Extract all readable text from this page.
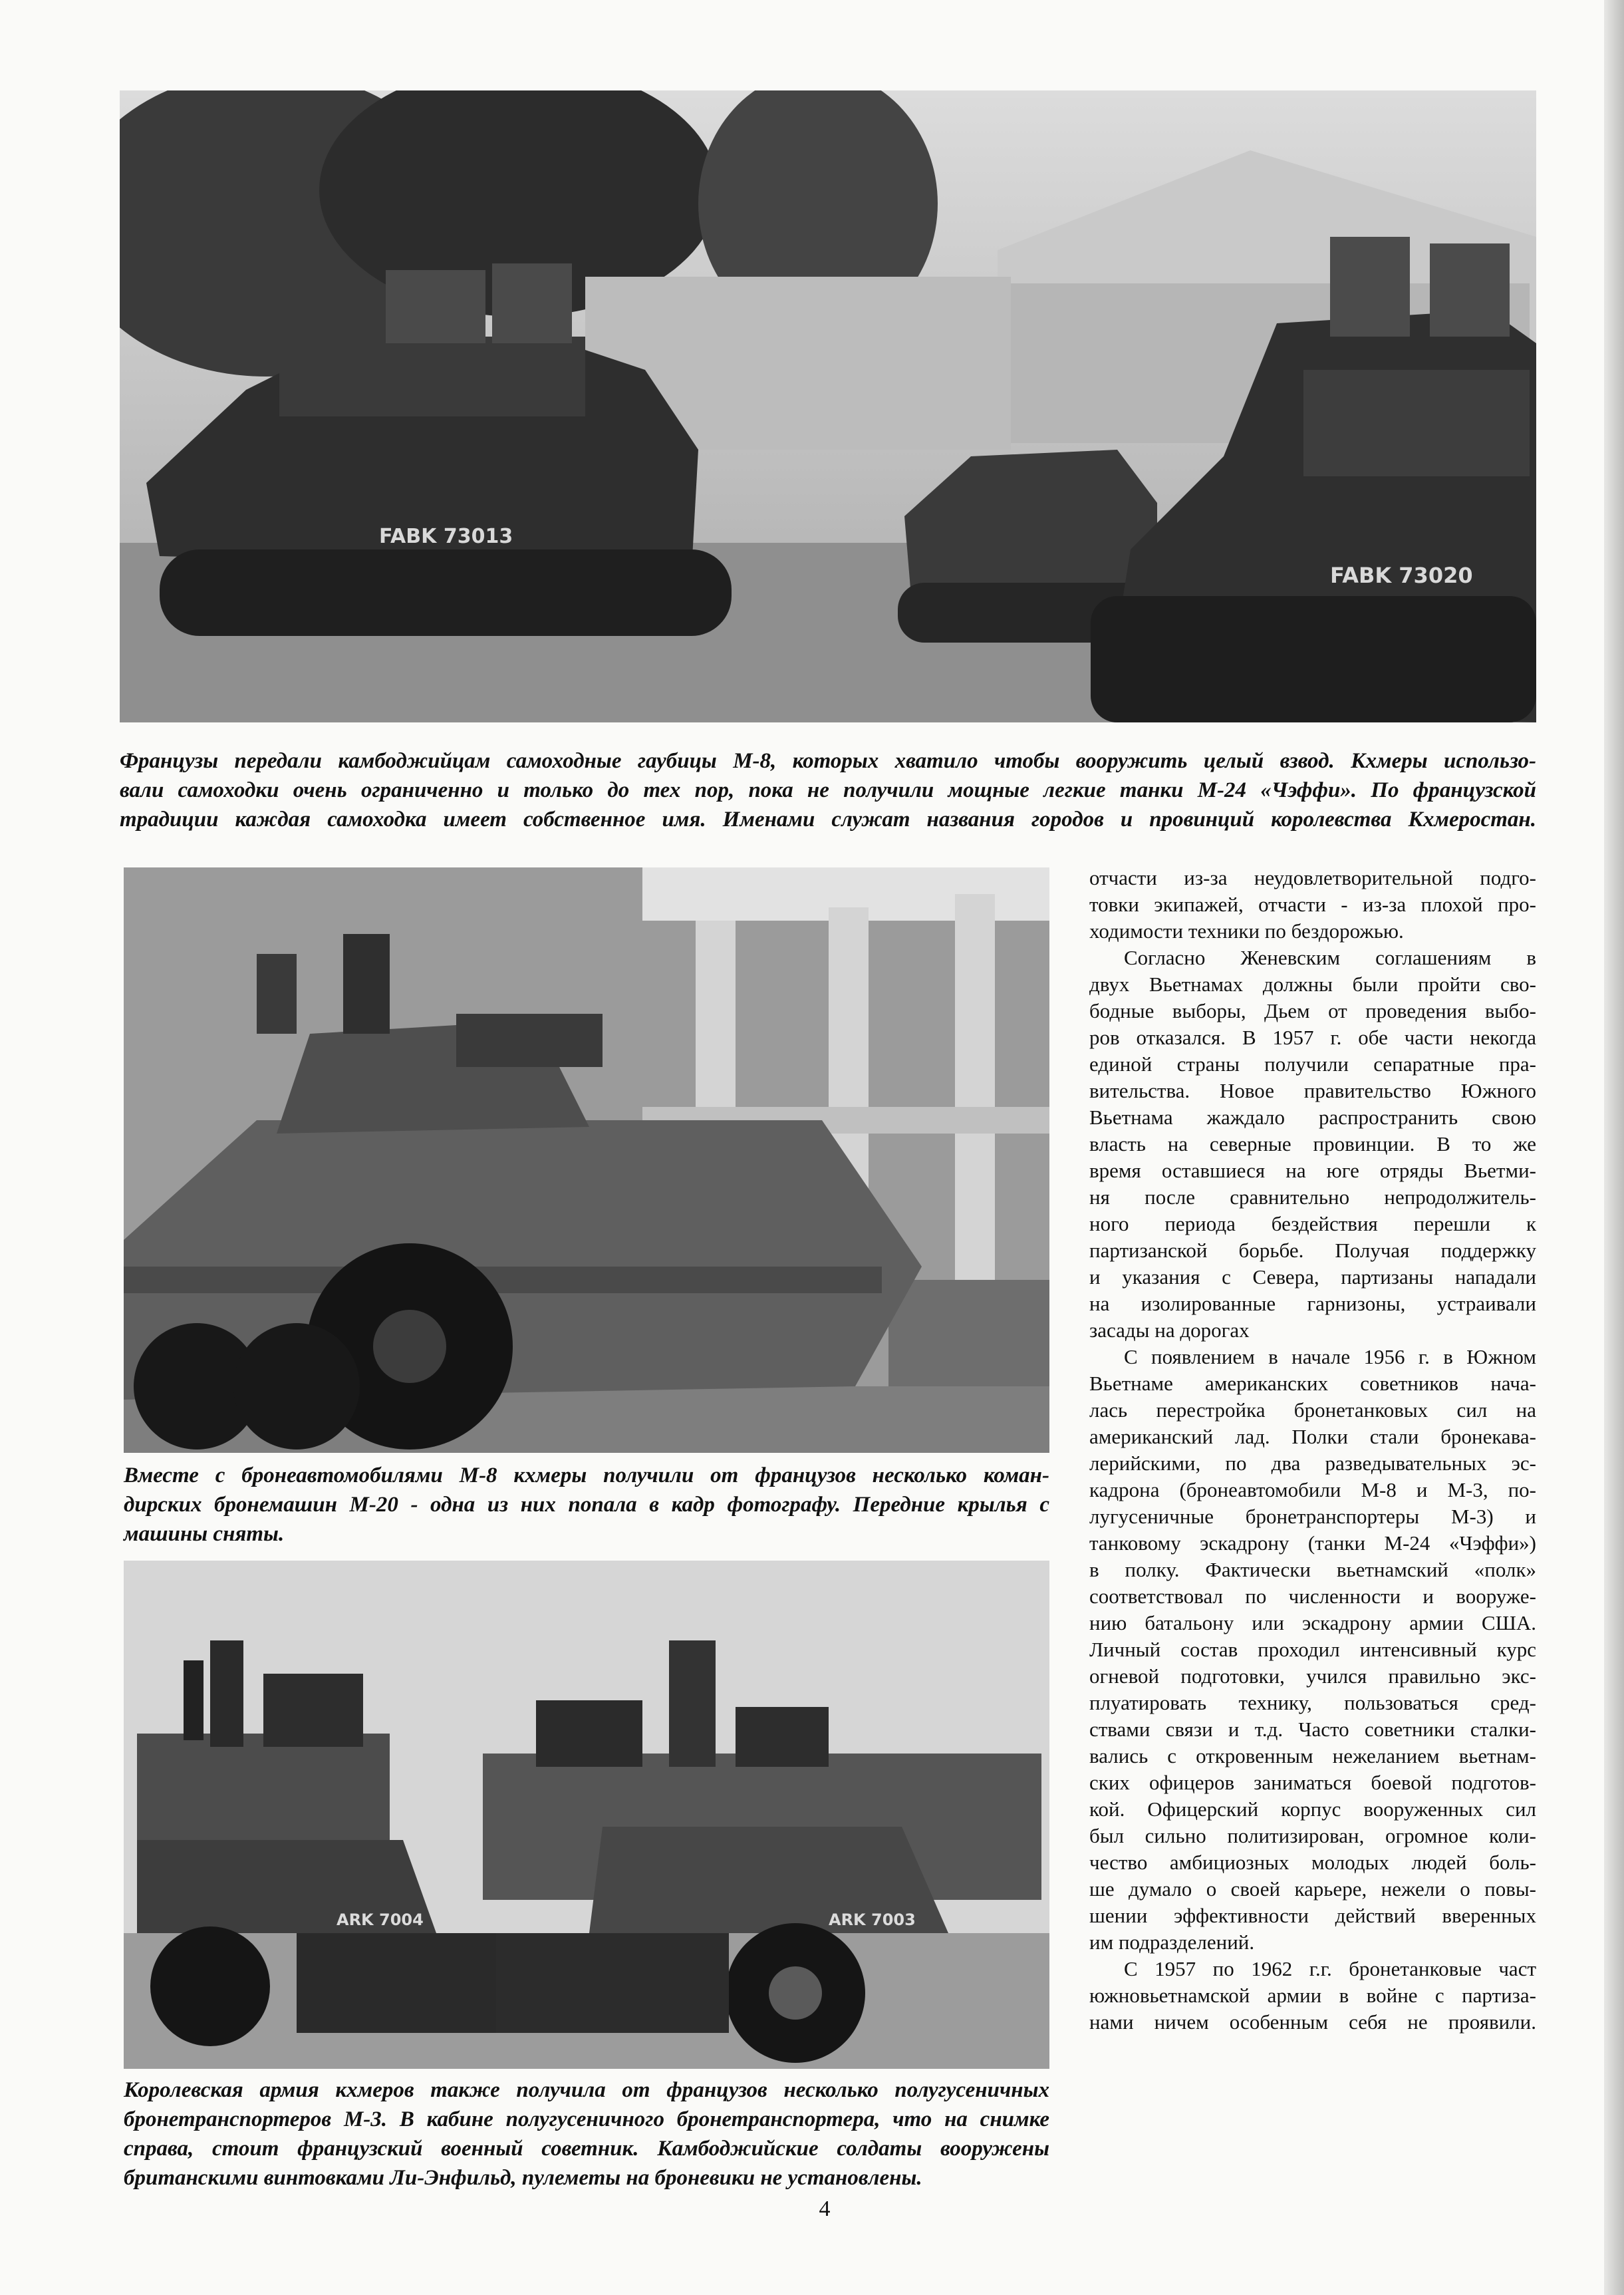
FABK 73013
FABK 73020
Французы передали камбоджийцам самоходные гаубицы М-8, которых хватило чтобы вооружить целый взвод. Кхмеры использо-
вали самоходки очень ограниченно и только до тех пор, пока не получили мощные легкие танки М-24 «Чэффи». По французской
традиции каждая самоходка имеет собственное имя. Именами служат названия городов и провинций королевства Кхмеростан.
Вместе с бронеавтомобилями М-8 кхмеры получили от французов несколько коман-
дирских бронемашин М-20 - одна из них попала в кадр фотографу. Передние крылья с
машины сняты.
ARK 7004	ARK 7003
Королевская армия кхмеров также получила от французов несколько полугусеничных
бронетранспортеров М-3. В кабине полугусеничного бронетранспортера, что на снимке
справа, стоит французский военный советник. Камбоджийские солдаты вооружены
британскими винтовками Ли-Энфильд, пулеметы на броневики не установлены.

отчасти из-за неудовлетворительной подго-
товки экипажей, отчасти - из-за плохой про-
ходимости техники по бездорожью.

Согласно Женевским соглашениям в
двух Вьетнамах должны были пройти сво-
бодные выборы, Дьем от проведения выбо-
ров отказался. В 1957 г. обе части некогда
единой страны получили сепаратные пра-
вительства. Новое правительство Южного
Вьетнама жаждало распространить свою
власть на северные провинции. В то же
время оставшиеся на юге отряды Вьетми-
ня после сравнительно непродолжитель-
ного периода бездействия перешли к
партизанской борьбе. Получая поддержку
и указания с Севера, партизаны нападали
на изолированные гарнизоны, устраивали
засады на дорогах

С появлением в начале 1956 г. в Южном
Вьетнаме американских советников нача-
лась перестройка бронетанковых сил на
американский лад. Полки стали бронекава-
лерийскими, по два разведывательных эс-
кадрона (бронеавтомобили М-8 и М-3, по-
лугусеничные бронетранспортеры М-3) и
танковому эскадрону (танки М-24 «Чэффи»)
в полку. Фактически вьетнамский «полк»
соответствовал по численности и вооруже-
нию батальону или эскадрону армии США.
Личный состав проходил интенсивный курс
огневой подготовки, учился правильно экс-
плуатировать технику, пользоваться сред-
ствами связи и т.д. Часто советники сталки-
вались с откровенным нежеланием вьетнам-
ских офицеров заниматься боевой подготов-
кой. Офицерский корпус вооруженных сил
был сильно политизирован, огромное коли-
чество амбициозных молодых людей боль-
ше думало о своей карьере, нежели о повы-
шении эффективности действий вверенных
им подразделений.

С 1957 по 1962 г.г. бронетанковые част
южновьетнамской армии в войне с партиза-
нами ничем особенным себя не проявили.

4
